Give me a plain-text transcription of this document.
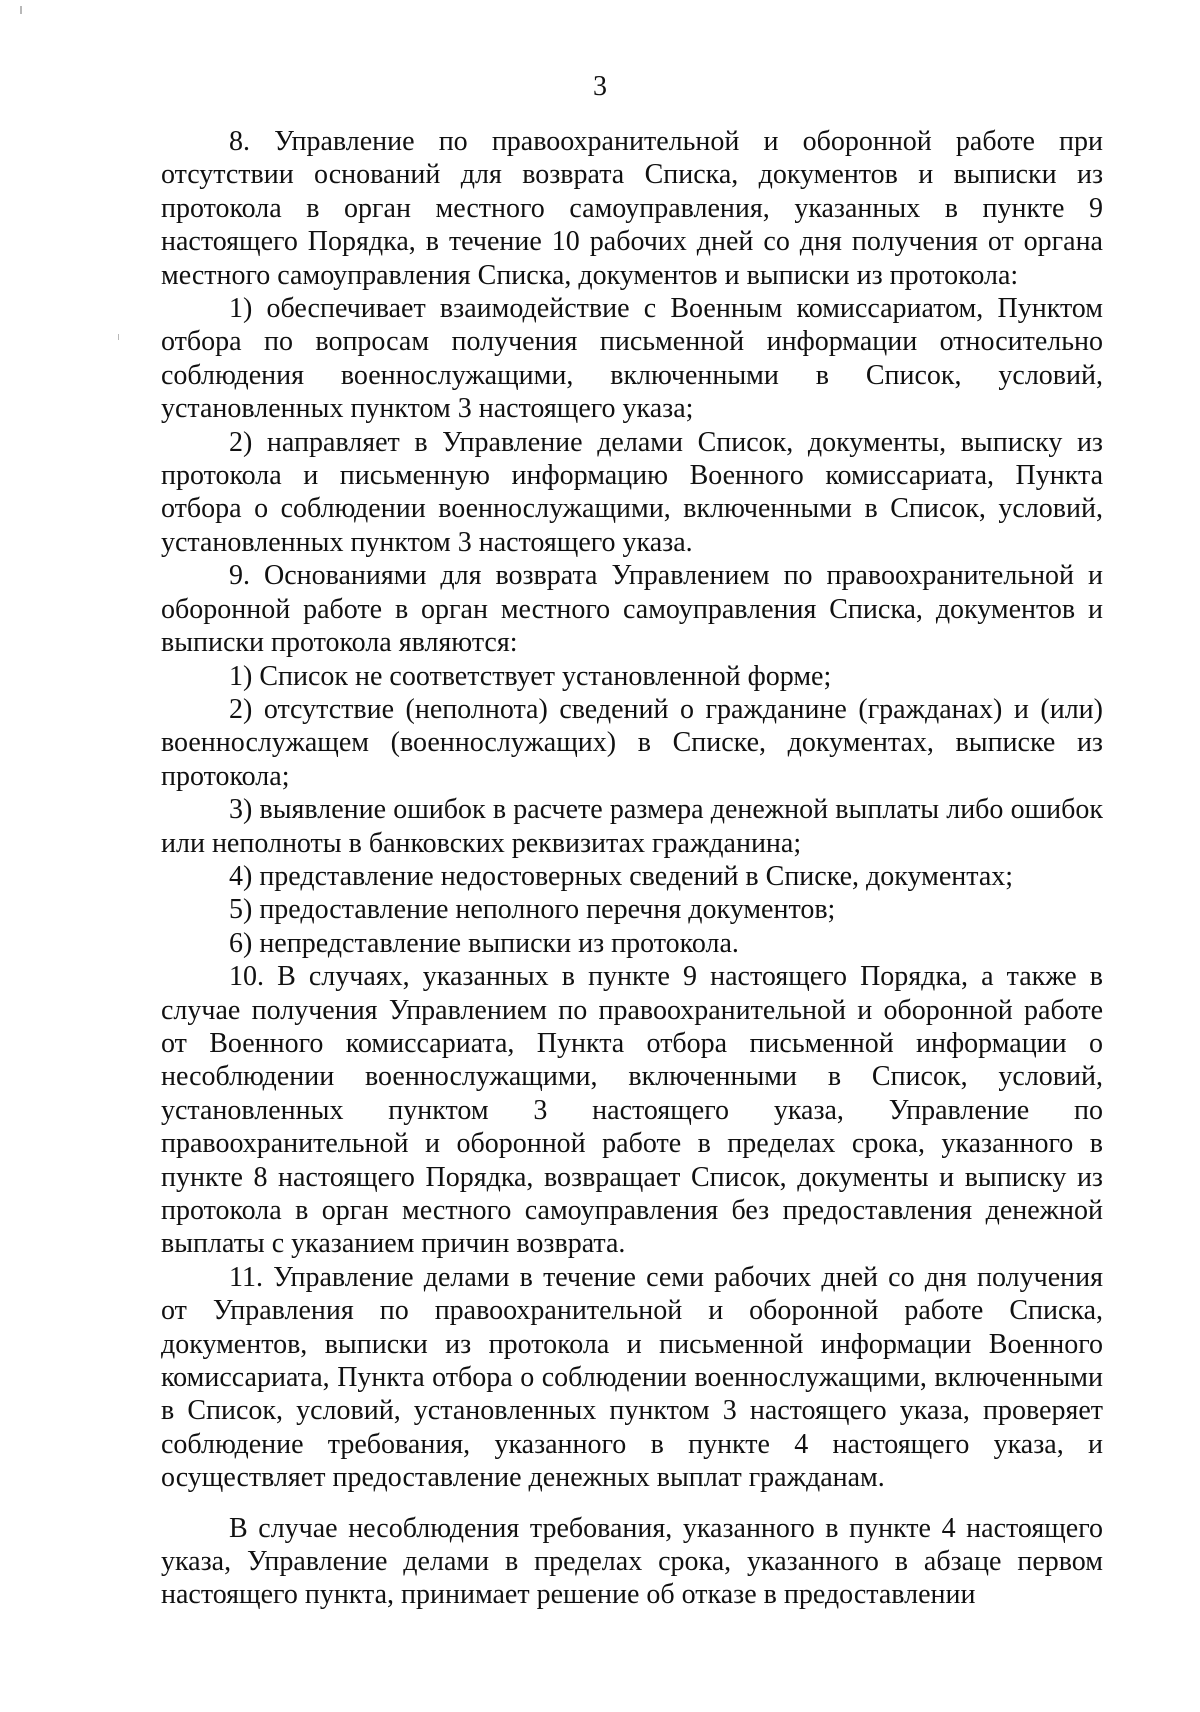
3

8. Управление по правоохранительной и оборонной работе при отсутствии оснований для возврата Списка, документов и выписки из протокола в орган местного самоуправления, указанных в пункте 9 настоящего Порядка, в течение 10 рабочих дней со дня получения от органа местного самоуправления Списка, документов и выписки из протокола:

1) обеспечивает взаимодействие с Военным комиссариатом, Пунктом отбора по вопросам получения письменной информации относительно соблюдения военнослужащими, включенными в Список, условий, установленных пунктом 3 настоящего указа;

2) направляет в Управление делами Список, документы, выписку из протокола и письменную информацию Военного комиссариата, Пункта отбора о соблюдении военнослужащими, включенными в Список, условий, установленных пунктом 3 настоящего указа.

9. Основаниями для возврата Управлением по правоохранительной и оборонной работе в орган местного самоуправления Списка, документов и выписки протокола являются:

1) Список не соответствует установленной форме;

2) отсутствие (неполнота) сведений о гражданине (гражданах) и (или) военнослужащем (военнослужащих) в Списке, документах, выписке из протокола;

3) выявление ошибок в расчете размера денежной выплаты либо ошибок или неполноты в банковских реквизитах гражданина;

4) представление недостоверных сведений в Списке, документах;

5) предоставление неполного перечня документов;

6) непредставление выписки из протокола.

10. В случаях, указанных в пункте 9 настоящего Порядка, а также в случае получения Управлением по правоохранительной и оборонной работе от Военного комиссариата, Пункта отбора письменной информации о несоблюдении военнослужащими, включенными в Список, условий, установленных пунктом 3 настоящего указа, Управление по правоохранительной и оборонной работе в пределах срока, указанного в пункте 8 настоящего Порядка, возвращает Список, документы и выписку из протокола в орган местного самоуправления без предоставления денежной выплаты с указанием причин возврата.

11. Управление делами в течение семи рабочих дней со дня получения от Управления по правоохранительной и оборонной работе Списка, документов, выписки из протокола и письменной информации Военного комиссариата, Пункта отбора о соблюдении военнослужащими, включенными в Список, условий, установленных пунктом 3 настоящего указа, проверяет соблюдение требования, указанного в пункте 4 настоящего указа, и осуществляет предоставление денежных выплат гражданам.

В случае несоблюдения требования, указанного в пункте 4 настоящего указа, Управление делами в пределах срока, указанного в абзаце первом настоящего пункта, принимает решение об отказе в предоставлении
